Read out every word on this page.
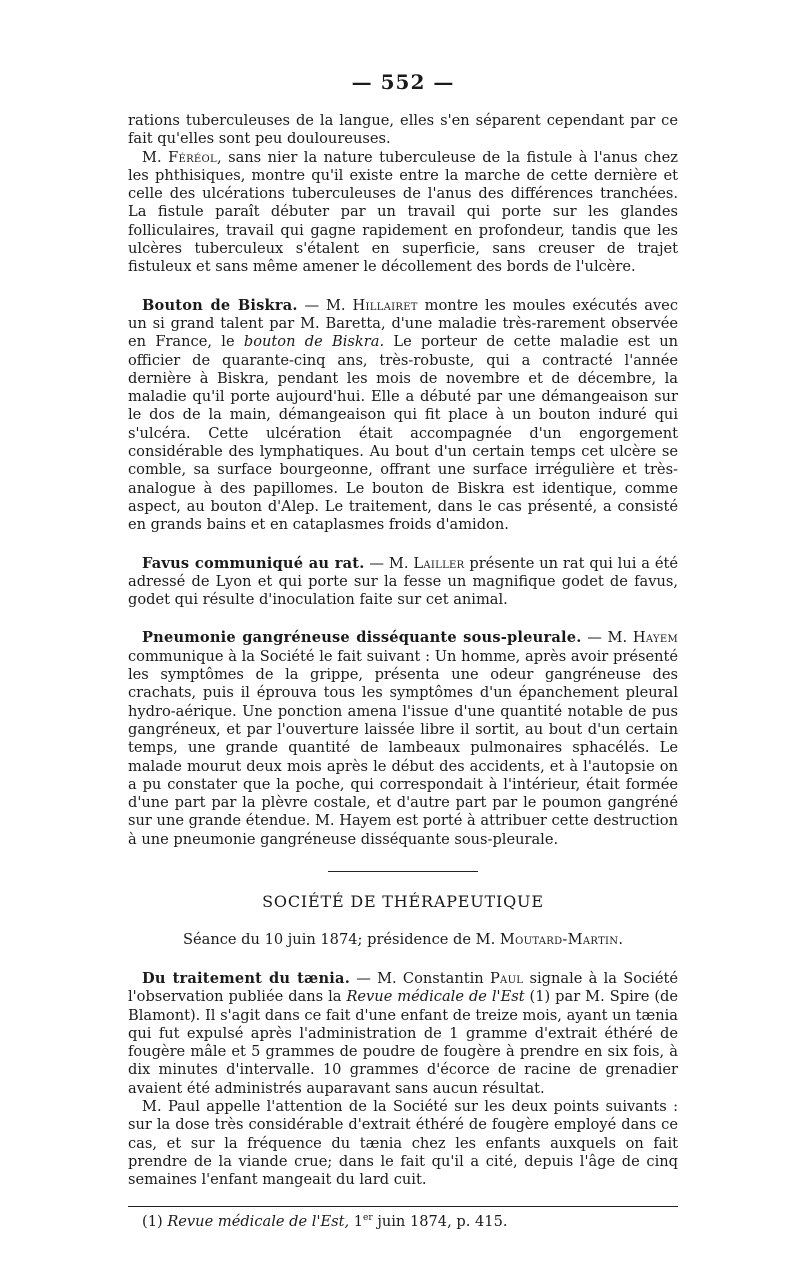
— 552 —

rations tuberculeuses de la langue, elles s'en séparent cependant par ce fait qu'elles sont peu douloureuses.

M. Féréol, sans nier la nature tuberculeuse de la fistule à l'anus chez les phthisiques, montre qu'il existe entre la marche de cette dernière et celle des ulcérations tuberculeuses de l'anus des différences tranchées. La fistule paraît débuter par un travail qui porte sur les glandes folliculaires, travail qui gagne rapidement en profondeur, tandis que les ulcères tuberculeux s'étalent en superficie, sans creuser de trajet fistuleux et sans même amener le décollement des bords de l'ulcère.

Bouton de Biskra. — M. Hillairet montre les moules exécutés avec un si grand talent par M. Baretta, d'une maladie très-rarement observée en France, le bouton de Biskra. Le porteur de cette maladie est un officier de quarante-cinq ans, très-robuste, qui a contracté l'année dernière à Biskra, pendant les mois de novembre et de décembre, la maladie qu'il porte aujourd'hui. Elle a débuté par une démangeaison sur le dos de la main, démangeaison qui fit place à un bouton induré qui s'ulcéra. Cette ulcération était accompagnée d'un engorgement considérable des lymphatiques. Au bout d'un certain temps cet ulcère se comble, sa surface bourgeonne, offrant une surface irrégulière et très-analogue à des papillomes. Le bouton de Biskra est identique, comme aspect, au bouton d'Alep. Le traitement, dans le cas présenté, a consisté en grands bains et en cataplasmes froids d'amidon.

Favus communiqué au rat. — M. Lailler présente un rat qui lui a été adressé de Lyon et qui porte sur la fesse un magnifique godet de favus, godet qui résulte d'inoculation faite sur cet animal.

Pneumonie gangréneuse disséquante sous-pleurale. — M. Hayem communique à la Société le fait suivant : Un homme, après avoir présenté les symptômes de la grippe, présenta une odeur gangréneuse des crachats, puis il éprouva tous les symptômes d'un épanchement pleural hydro-aérique. Une ponction amena l'issue d'une quantité notable de pus gangréneux, et par l'ouverture laissée libre il sortit, au bout d'un certain temps, une grande quantité de lambeaux pulmonaires sphacélés. Le malade mourut deux mois après le début des accidents, et à l'autopsie on a pu constater que la poche, qui correspondait à l'intérieur, était formée d'une part par la plèvre costale, et d'autre part par le poumon gangréné sur une grande étendue. M. Hayem est porté à attribuer cette destruction à une pneumonie gangréneuse disséquante sous-pleurale.

SOCIÉTÉ DE THÉRAPEUTIQUE
Séance du 10 juin 1874; présidence de M. Moutard-Martin.

Du traitement du tænia. — M. Constantin Paul signale à la Société l'observation publiée dans la Revue médicale de l'Est (1) par M. Spire (de Blamont). Il s'agit dans ce fait d'une enfant de treize mois, ayant un tænia qui fut expulsé après l'administration de 1 gramme d'extrait éthéré de fougère mâle et 5 grammes de poudre de fougère à prendre en six fois, à dix minutes d'intervalle. 10 grammes d'écorce de racine de grenadier avaient été administrés auparavant sans aucun résultat.

M. Paul appelle l'attention de la Société sur les deux points suivants : sur la dose très considérable d'extrait éthéré de fougère employé dans ce cas, et sur la fréquence du tænia chez les enfants auxquels on fait prendre de la viande crue; dans le fait qu'il a cité, depuis l'âge de cinq semaines l'enfant mangeait du lard cuit.

(1) Revue médicale de l'Est, 1er juin 1874, p. 415.
